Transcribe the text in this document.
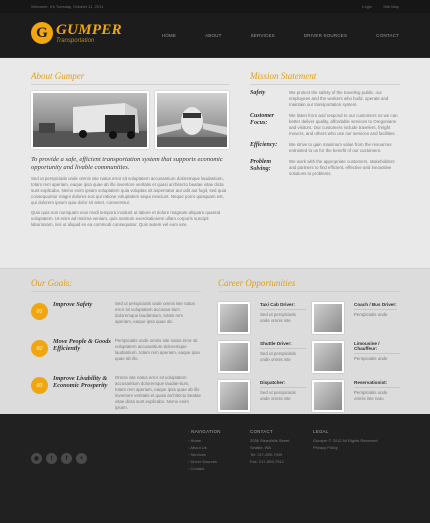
Welcome, It's Tuesday, October 11, 2011	Login	Site Map
G GUMPER
Transportation
HOME	ABOUT	SERVICES	DRIVER SOURCES	CONTACT
About Gumper
To provide a safe, efficient transportation system that supports economic opportunity and livable communities.
Sed ut perspiciatis unde omnis iste natus error sit voluptatem accusantium doloremque laudantium, totam rem aperiam, eaque ipsa quae ab illo inventore veritatis et quasi architecto beatae vitae dicta sunt explicabo. Nemo enim ipsam voluptatem quia voluptas sit aspernatur aut odit aut fugit, sed quia consequuntur magni dolores eos qui ratione voluptatem sequi nesciunt. Neque porro quisquam est, qui dolorem ipsum quia dolor sit amet, consectetur.
Quis quia non numquam eius modi tempora incidunt ut labore et dolore magnam aliquam quaerat voluptatem. Ut enim ad minima veniam, quis nostrum exercitationem ullam corporis suscipit laboriosam, nisi ut aliquid ex ea commodi consequatur. Quis autem vel eum iure.
Mission Statement
Safety	We protect the safety of the traveling public, our employees and the workers who build, operate and maintain our transportation system.
Customer Focus:
We listen from and respond to our customers so we can better deliver quality, affordable services to Oregonians and visitors. Our customers include travelers, freight movers, and others who use our services and facilities.
Efficiency:	We strive to gain maximum value from the resources entrusted to us for the benefit of our customers.
Problem Solving:
We work with the appropriate customers, stakeholders and partners to find efficient, effective and innovative solutions to problems.
Our Goals:
01
Improve Safety	Sed ut perspiciatis unde omnis iste natus error sit voluptatem accusan-tium doloremque laudantium, totam rem aperiam, eaque ipsa quae ab.
02
Move People & Goods Efficiently
Perspiciatis unde omnis iste natus error sit voluptatem accusantium doloremque laudantium, totam rem aperiam, eaque ipsa quae ab illo.
03
Improve Livability & Economic Prosperity
Omnis iste natus error sit voluptatem accusantium doloremque laudan-tium, totam rem aperiam, eaque ipsa quae ab illo inventore veritatis et quasi architecto beatae vitae dicta sunt explicabo. Nemo enim ipsam.
Career Opportunities
Taxi Cab Driver:
Sed ut perspiciatis unde omnis iste
Coach / Bus Driver:
Perspiciatis unde
Shuttle Driver:
Sed ut perspiciatis unde omnis iste
Limousine / Chauffeur:
Perspiciatis unde
Dispatcher:
Sed ut perspiciatis unde omnis iste
Reservationist:
Perspiciatis unde omnis iste natu
◉	t	f	+
› NAVIGATION
› Home
› About Us
› Services
› Driver Sources
› Contact
CONTACT
2056 Steadfalls Street
Seattle, WA
Tel: 217-859-7949
Fax: 217-859-7912
LEGAL
Gumper © 2012 All Rights Reserved
Privacy Policy
